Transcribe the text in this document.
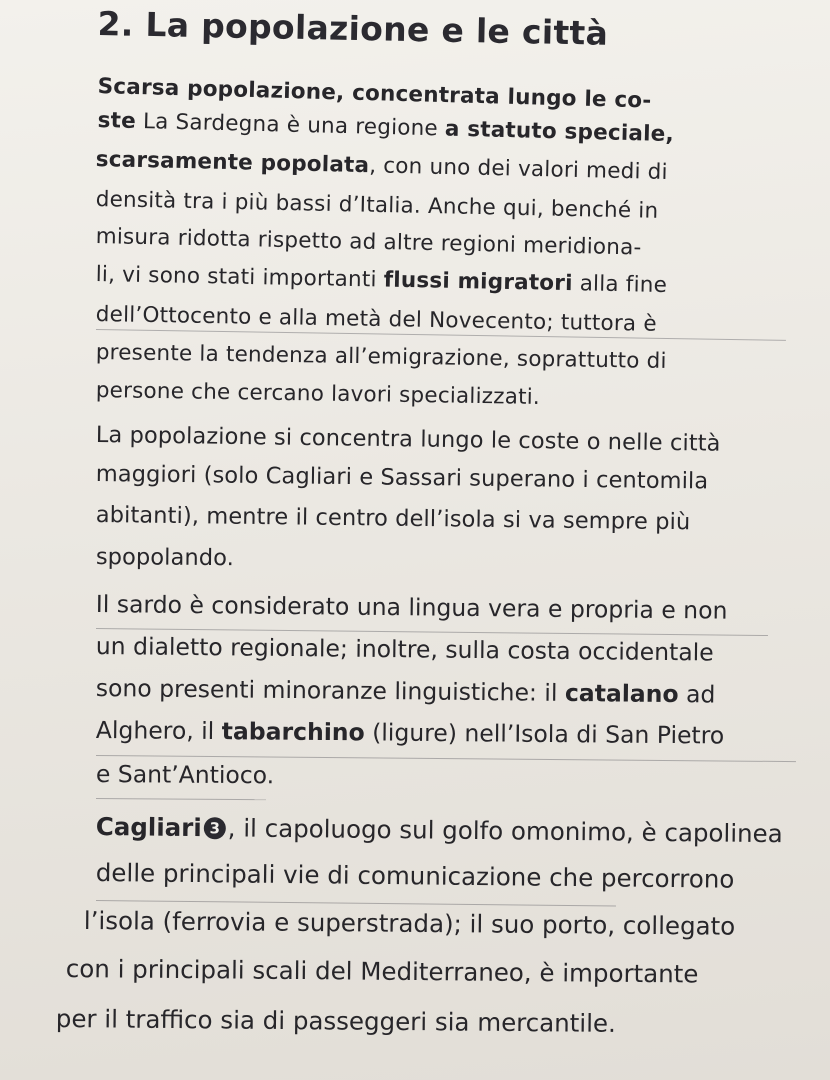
2. La popolazione e le città

Scarsa popolazione, concentrata lungo le co-

ste La Sardegna è una regione a statuto speciale,

scarsamente popolata, con uno dei valori medi di

densità tra i più bassi d’Italia. Anche qui, benché in

misura ridotta rispetto ad altre regioni meridiona-

li, vi sono stati importanti flussi migratori alla fine

dell’Ottocento e alla metà del Novecento; tuttora è

presente la tendenza all’emigrazione, soprattutto di

persone che cercano lavori specializzati.

La popolazione si concentra lungo le coste o nelle città

maggiori (solo Cagliari e Sassari superano i centomila

abitanti), mentre il centro dell’isola si va sempre più

spopolando.

Il sardo è considerato una lingua vera e propria e non

un dialetto regionale; inoltre, sulla costa occidentale

sono presenti minoranze linguistiche: il catalano ad

Alghero, il tabarchino (ligure) nell’Isola di San Pietro

e Sant’Antioco.

Cagliari 3 , il capoluogo sul golfo omonimo, è capolinea

delle principali vie di comunicazione che percorrono

l’isola (ferrovia e superstrada); il suo porto, collegato

con i principali scali del Mediterraneo, è importante

per il traffico sia di passeggeri sia mercantile.
